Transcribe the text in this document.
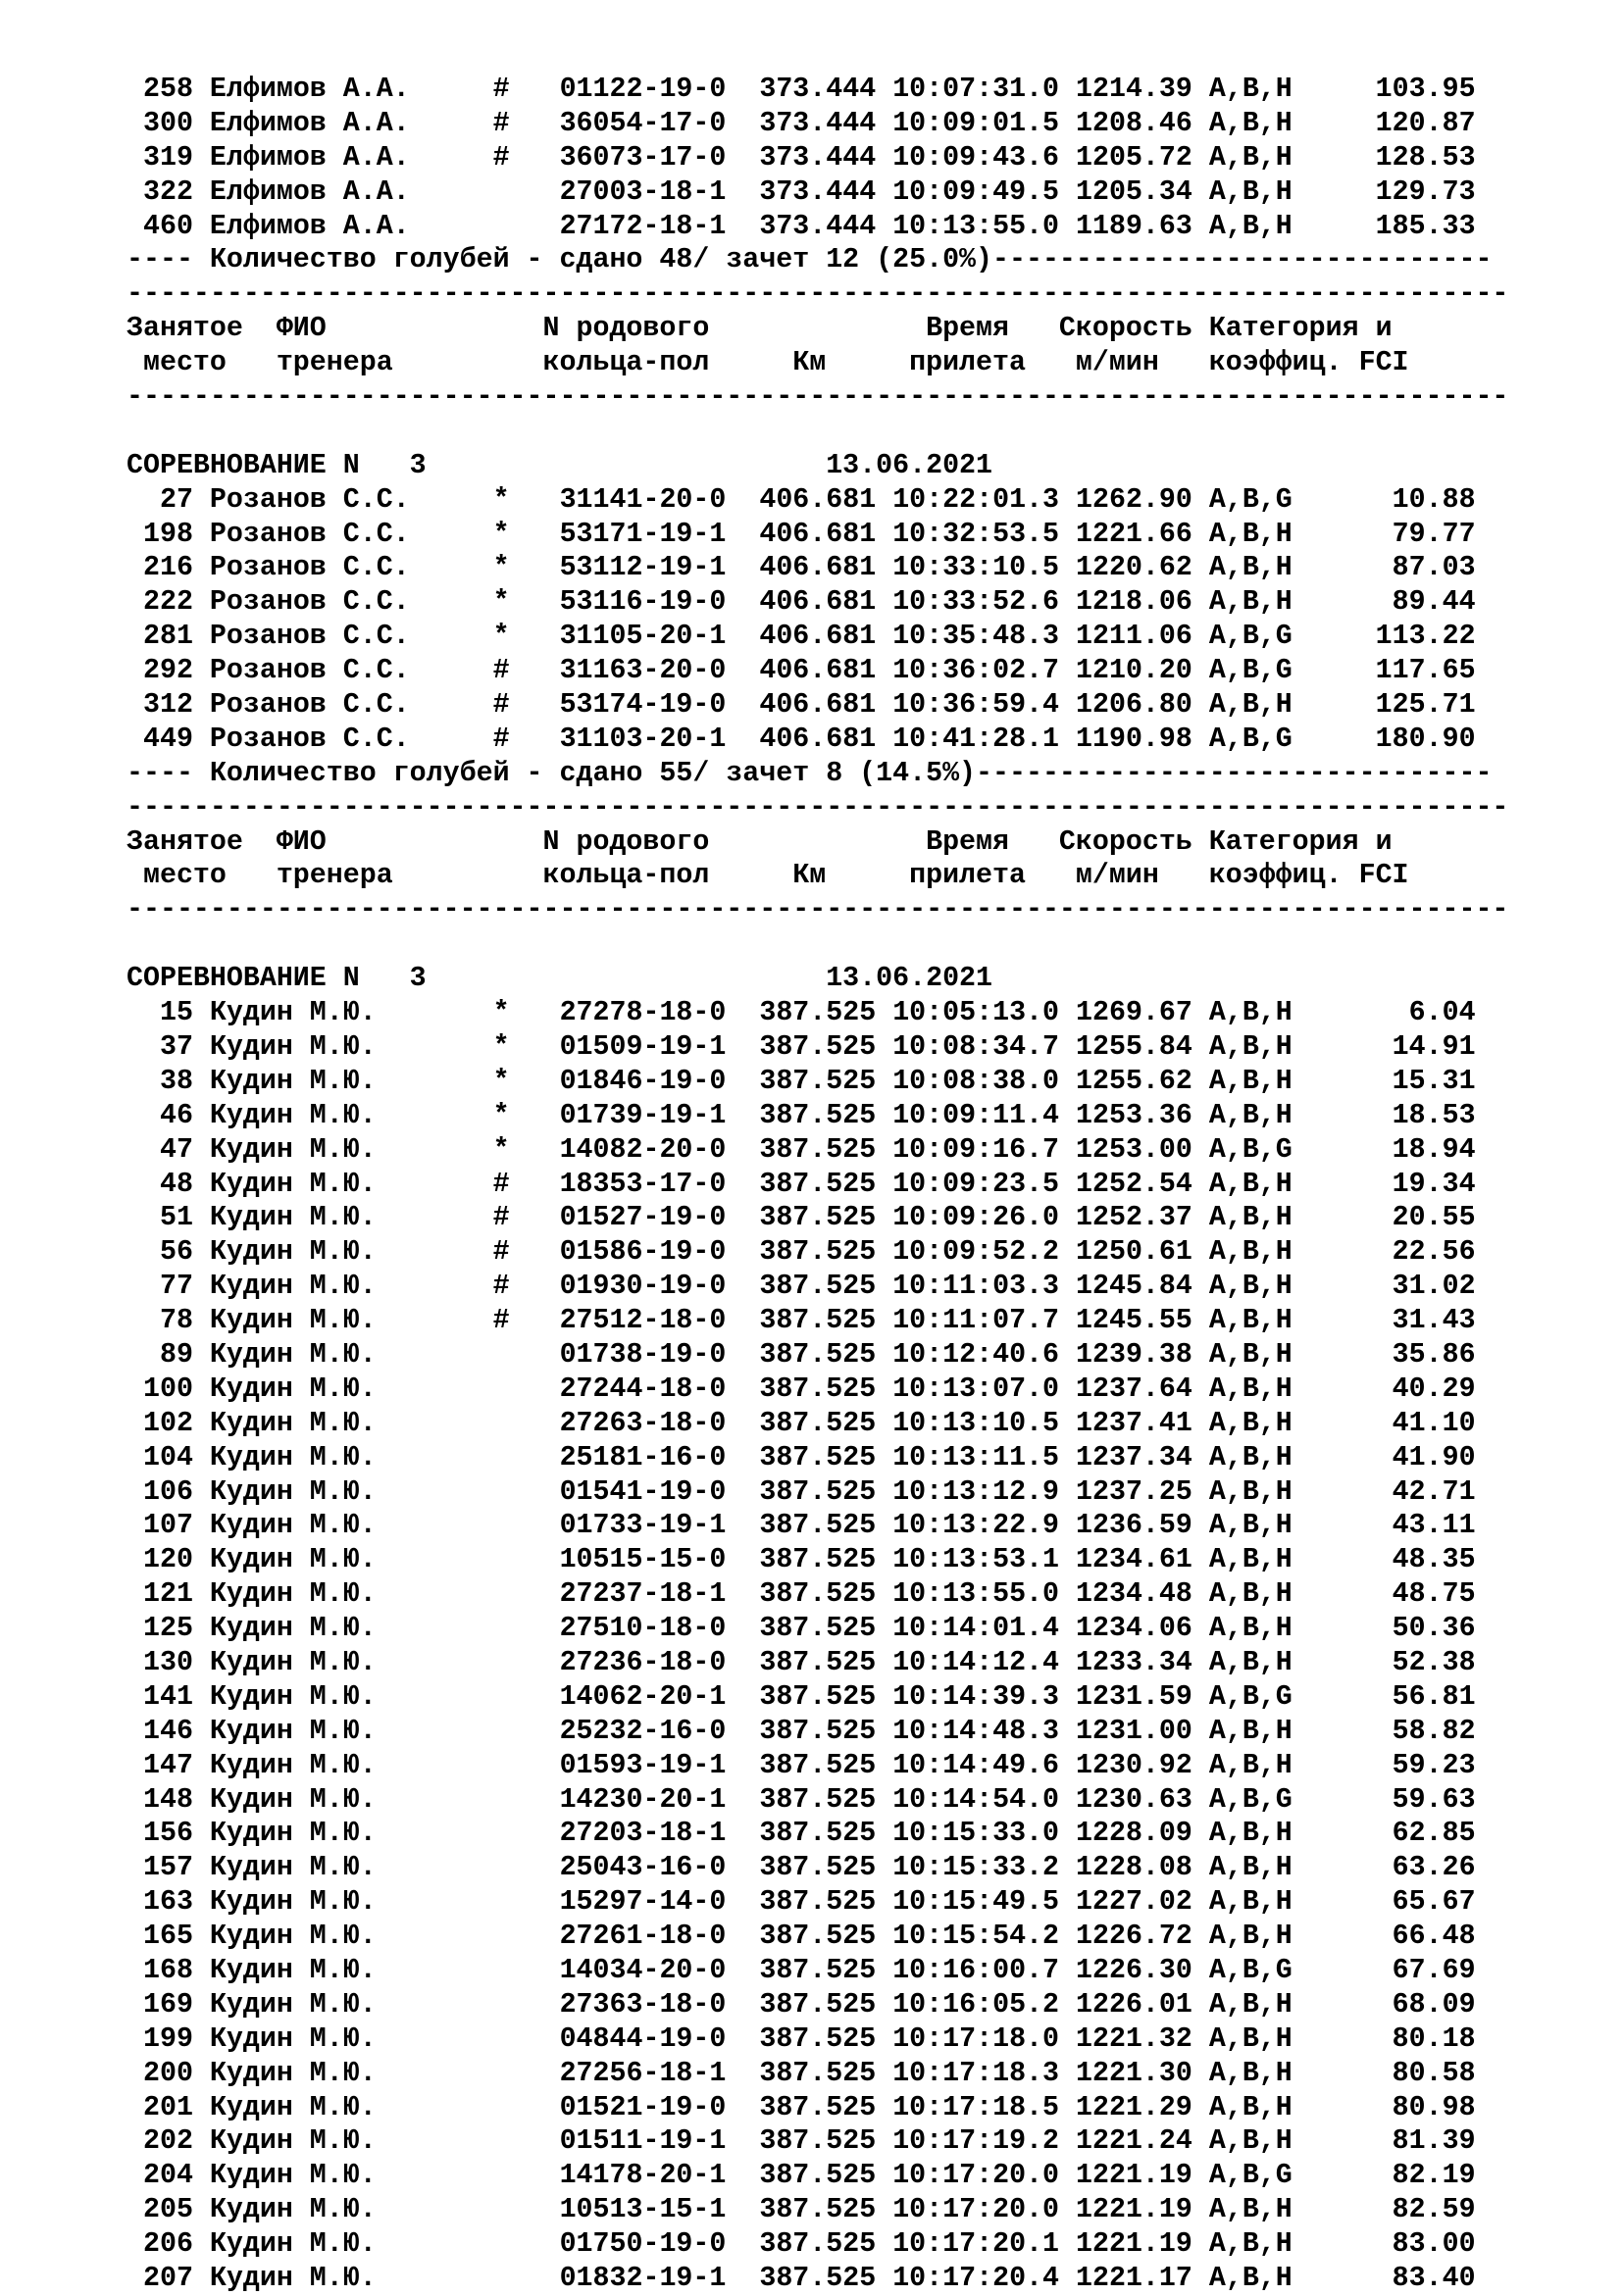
258 Елфимов А.А.     # 01122-19-0 373.444 10:07:31.0 1214.39 A,B,H	103.95
300 Елфимов А.А.     # 36054-17-0 373.444 10:09:01.5 1208.46 A,B,H	120.87
319 Елфимов А.А.     # 36073-17-0 373.444 10:09:43.6 1205.72 A,B,H	128.53
322 Елфимов А.А.	27003-18-1 373.444 10:09:49.5 1205.34 A,B,H	129.73
460 Елфимов А.А.	27172-18-1 373.444 10:13:55.0 1189.63 A,B,H	185.33
---- Количество голубей - сдано 48/ зачет 12 (25.0%)------------------------------
-----------------------------------------------------------------------------------
Занятое  ФИО             N родового             Время   Скорость Категория и
место   тренера         кольца-пол     Км     прилета   м/мин   коэффиц. FCI
-----------------------------------------------------------------------------------

СОРЕВНОВАНИЕ N   3	13.06.2021
27 Розанов С.С.     * 31141-20-0 406.681 10:22:01.3 1262.90 A,B,G	10.88
198 Розанов С.С.     * 53171-19-1 406.681 10:32:53.5 1221.66 A,B,H	79.77
216 Розанов С.С.     * 53112-19-1 406.681 10:33:10.5 1220.62 A,B,H	87.03
222 Розанов С.С.     * 53116-19-0 406.681 10:33:52.6 1218.06 A,B,H	89.44
281 Розанов С.С.     * 31105-20-1 406.681 10:35:48.3 1211.06 A,B,G	113.22
292 Розанов С.С.     # 31163-20-0 406.681 10:36:02.7 1210.20 A,B,G	117.65
312 Розанов С.С.     # 53174-19-0 406.681 10:36:59.4 1206.80 A,B,H	125.71
449 Розанов С.С.     # 31103-20-1 406.681 10:41:28.1 1190.98 A,B,G	180.90
---- Количество голубей - сдано 55/ зачет 8 (14.5%)-------------------------------
-----------------------------------------------------------------------------------
Занятое  ФИО             N родового             Время   Скорость Категория и
место   тренера         кольца-пол     Км     прилета   м/мин   коэффиц. FCI
-----------------------------------------------------------------------------------

СОРЕВНОВАНИЕ N   3	13.06.2021
15 Кудин М.Ю.       * 27278-18-0 387.525 10:05:13.0 1269.67 A,B,H	6.04
37 Кудин М.Ю.       * 01509-19-1 387.525 10:08:34.7 1255.84 A,B,H	14.91
38 Кудин М.Ю.       * 01846-19-0 387.525 10:08:38.0 1255.62 A,B,H	15.31
46 Кудин М.Ю.       * 01739-19-1 387.525 10:09:11.4 1253.36 A,B,H	18.53
47 Кудин М.Ю.       * 14082-20-0 387.525 10:09:16.7 1253.00 A,B,G	18.94
48 Кудин М.Ю.       # 18353-17-0 387.525 10:09:23.5 1252.54 A,B,H	19.34
51 Кудин М.Ю.       # 01527-19-0 387.525 10:09:26.0 1252.37 A,B,H	20.55
56 Кудин М.Ю.       # 01586-19-0 387.525 10:09:52.2 1250.61 A,B,H	22.56
77 Кудин М.Ю.       # 01930-19-0 387.525 10:11:03.3 1245.84 A,B,H	31.02
78 Кудин М.Ю.       # 27512-18-0 387.525 10:11:07.7 1245.55 A,B,H	31.43
89 Кудин М.Ю.	01738-19-0 387.525 10:12:40.6 1239.38 A,B,H	35.86
100 Кудин М.Ю.	27244-18-0 387.525 10:13:07.0 1237.64 A,B,H	40.29
102 Кудин М.Ю.	27263-18-0 387.525 10:13:10.5 1237.41 A,B,H	41.10
104 Кудин М.Ю.	25181-16-0 387.525 10:13:11.5 1237.34 A,B,H	41.90
106 Кудин М.Ю.	01541-19-0 387.525 10:13:12.9 1237.25 A,B,H	42.71
107 Кудин М.Ю.	01733-19-1 387.525 10:13:22.9 1236.59 A,B,H	43.11
120 Кудин М.Ю.	10515-15-0 387.525 10:13:53.1 1234.61 A,B,H	48.35
121 Кудин М.Ю.	27237-18-1 387.525 10:13:55.0 1234.48 A,B,H	48.75
125 Кудин М.Ю.	27510-18-0 387.525 10:14:01.4 1234.06 A,B,H	50.36
130 Кудин М.Ю.	27236-18-0 387.525 10:14:12.4 1233.34 A,B,H	52.38
141 Кудин М.Ю.	14062-20-1 387.525 10:14:39.3 1231.59 A,B,G	56.81
146 Кудин М.Ю.	25232-16-0 387.525 10:14:48.3 1231.00 A,B,H	58.82
147 Кудин М.Ю.	01593-19-1 387.525 10:14:49.6 1230.92 A,B,H	59.23
148 Кудин М.Ю.	14230-20-1 387.525 10:14:54.0 1230.63 A,B,G	59.63
156 Кудин М.Ю.	27203-18-1 387.525 10:15:33.0 1228.09 A,B,H	62.85
157 Кудин М.Ю.	25043-16-0 387.525 10:15:33.2 1228.08 A,B,H	63.26
163 Кудин М.Ю.	15297-14-0 387.525 10:15:49.5 1227.02 A,B,H	65.67
165 Кудин М.Ю.	27261-18-0 387.525 10:15:54.2 1226.72 A,B,H	66.48
168 Кудин М.Ю.	14034-20-0 387.525 10:16:00.7 1226.30 A,B,G	67.69
169 Кудин М.Ю.	27363-18-0 387.525 10:16:05.2 1226.01 A,B,H	68.09
199 Кудин М.Ю.	04844-19-0 387.525 10:17:18.0 1221.32 A,B,H	80.18
200 Кудин М.Ю.	27256-18-1 387.525 10:17:18.3 1221.30 A,B,H	80.58
201 Кудин М.Ю.	01521-19-0 387.525 10:17:18.5 1221.29 A,B,H	80.98
202 Кудин М.Ю.	01511-19-1 387.525 10:17:19.2 1221.24 A,B,H	81.39
204 Кудин М.Ю.	14178-20-1 387.525 10:17:20.0 1221.19 A,B,G	82.19
205 Кудин М.Ю.	10513-15-1 387.525 10:17:20.0 1221.19 A,B,H	82.59
206 Кудин М.Ю.	01750-19-0 387.525 10:17:20.1 1221.19 A,B,H	83.00
207 Кудин М.Ю.	01832-19-1 387.525 10:17:20.4 1221.17 A,B,H	83.40
